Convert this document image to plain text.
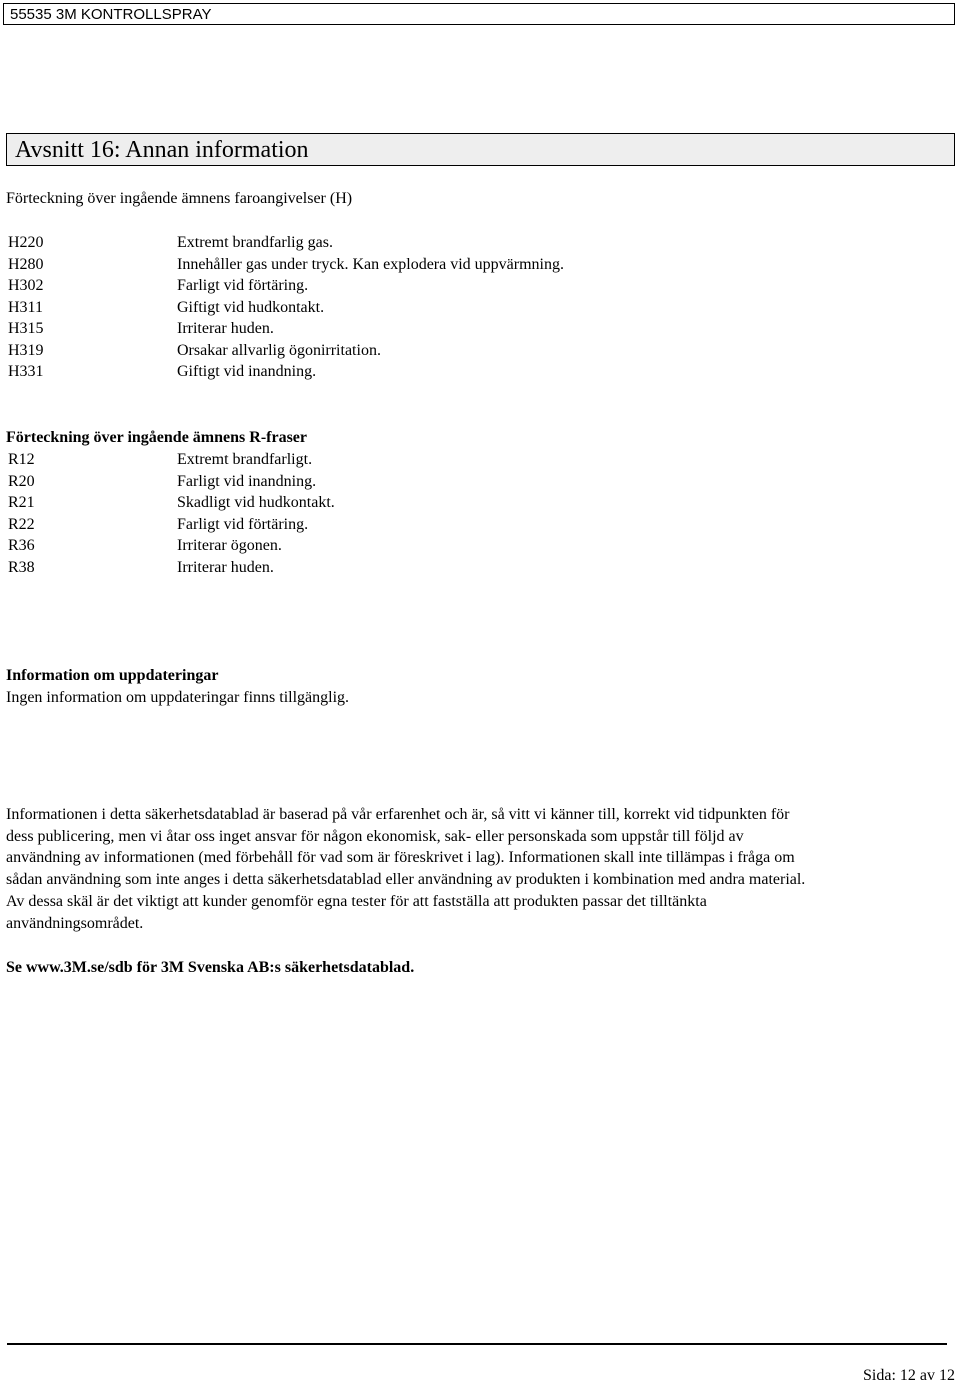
55535 3M KONTROLLSPRAY
Avsnitt 16: Annan information
Förteckning över ingående ämnens faroangivelser (H)
H220	Extremt brandfarlig gas.
H280	Innehåller gas under tryck. Kan explodera vid uppvärmning.
H302	Farligt vid förtäring.
H311	Giftigt vid hudkontakt.
H315	Irriterar huden.
H319	Orsakar allvarlig ögonirritation.
H331	Giftigt vid inandning.
Förteckning över ingående ämnens R-fraser
R12	Extremt brandfarligt.
R20	Farligt vid inandning.
R21	Skadligt vid hudkontakt.
R22	Farligt vid förtäring.
R36	Irriterar ögonen.
R38	Irriterar huden.
Information om uppdateringar
Ingen information om uppdateringar finns tillgänglig.
Informationen i detta säkerhetsdatablad är baserad på vår erfarenhet och är, så vitt vi känner till, korrekt vid tidpunkten för
dess publicering, men vi åtar oss inget ansvar för någon ekonomisk, sak- eller personskada som uppstår till följd av
användning av informationen (med förbehåll för vad som är föreskrivet i lag). Informationen skall inte tillämpas i fråga om
sådan användning som inte anges i detta säkerhetsdatablad eller användning av produkten i kombination med andra material.
Av dessa skäl är det viktigt att kunder genomför egna tester för att fastställa att produkten passar det tilltänkta
användningsområdet.
Se www.3M.se/sdb för 3M Svenska AB:s säkerhetsdatablad.
Sida: 12 av 12
